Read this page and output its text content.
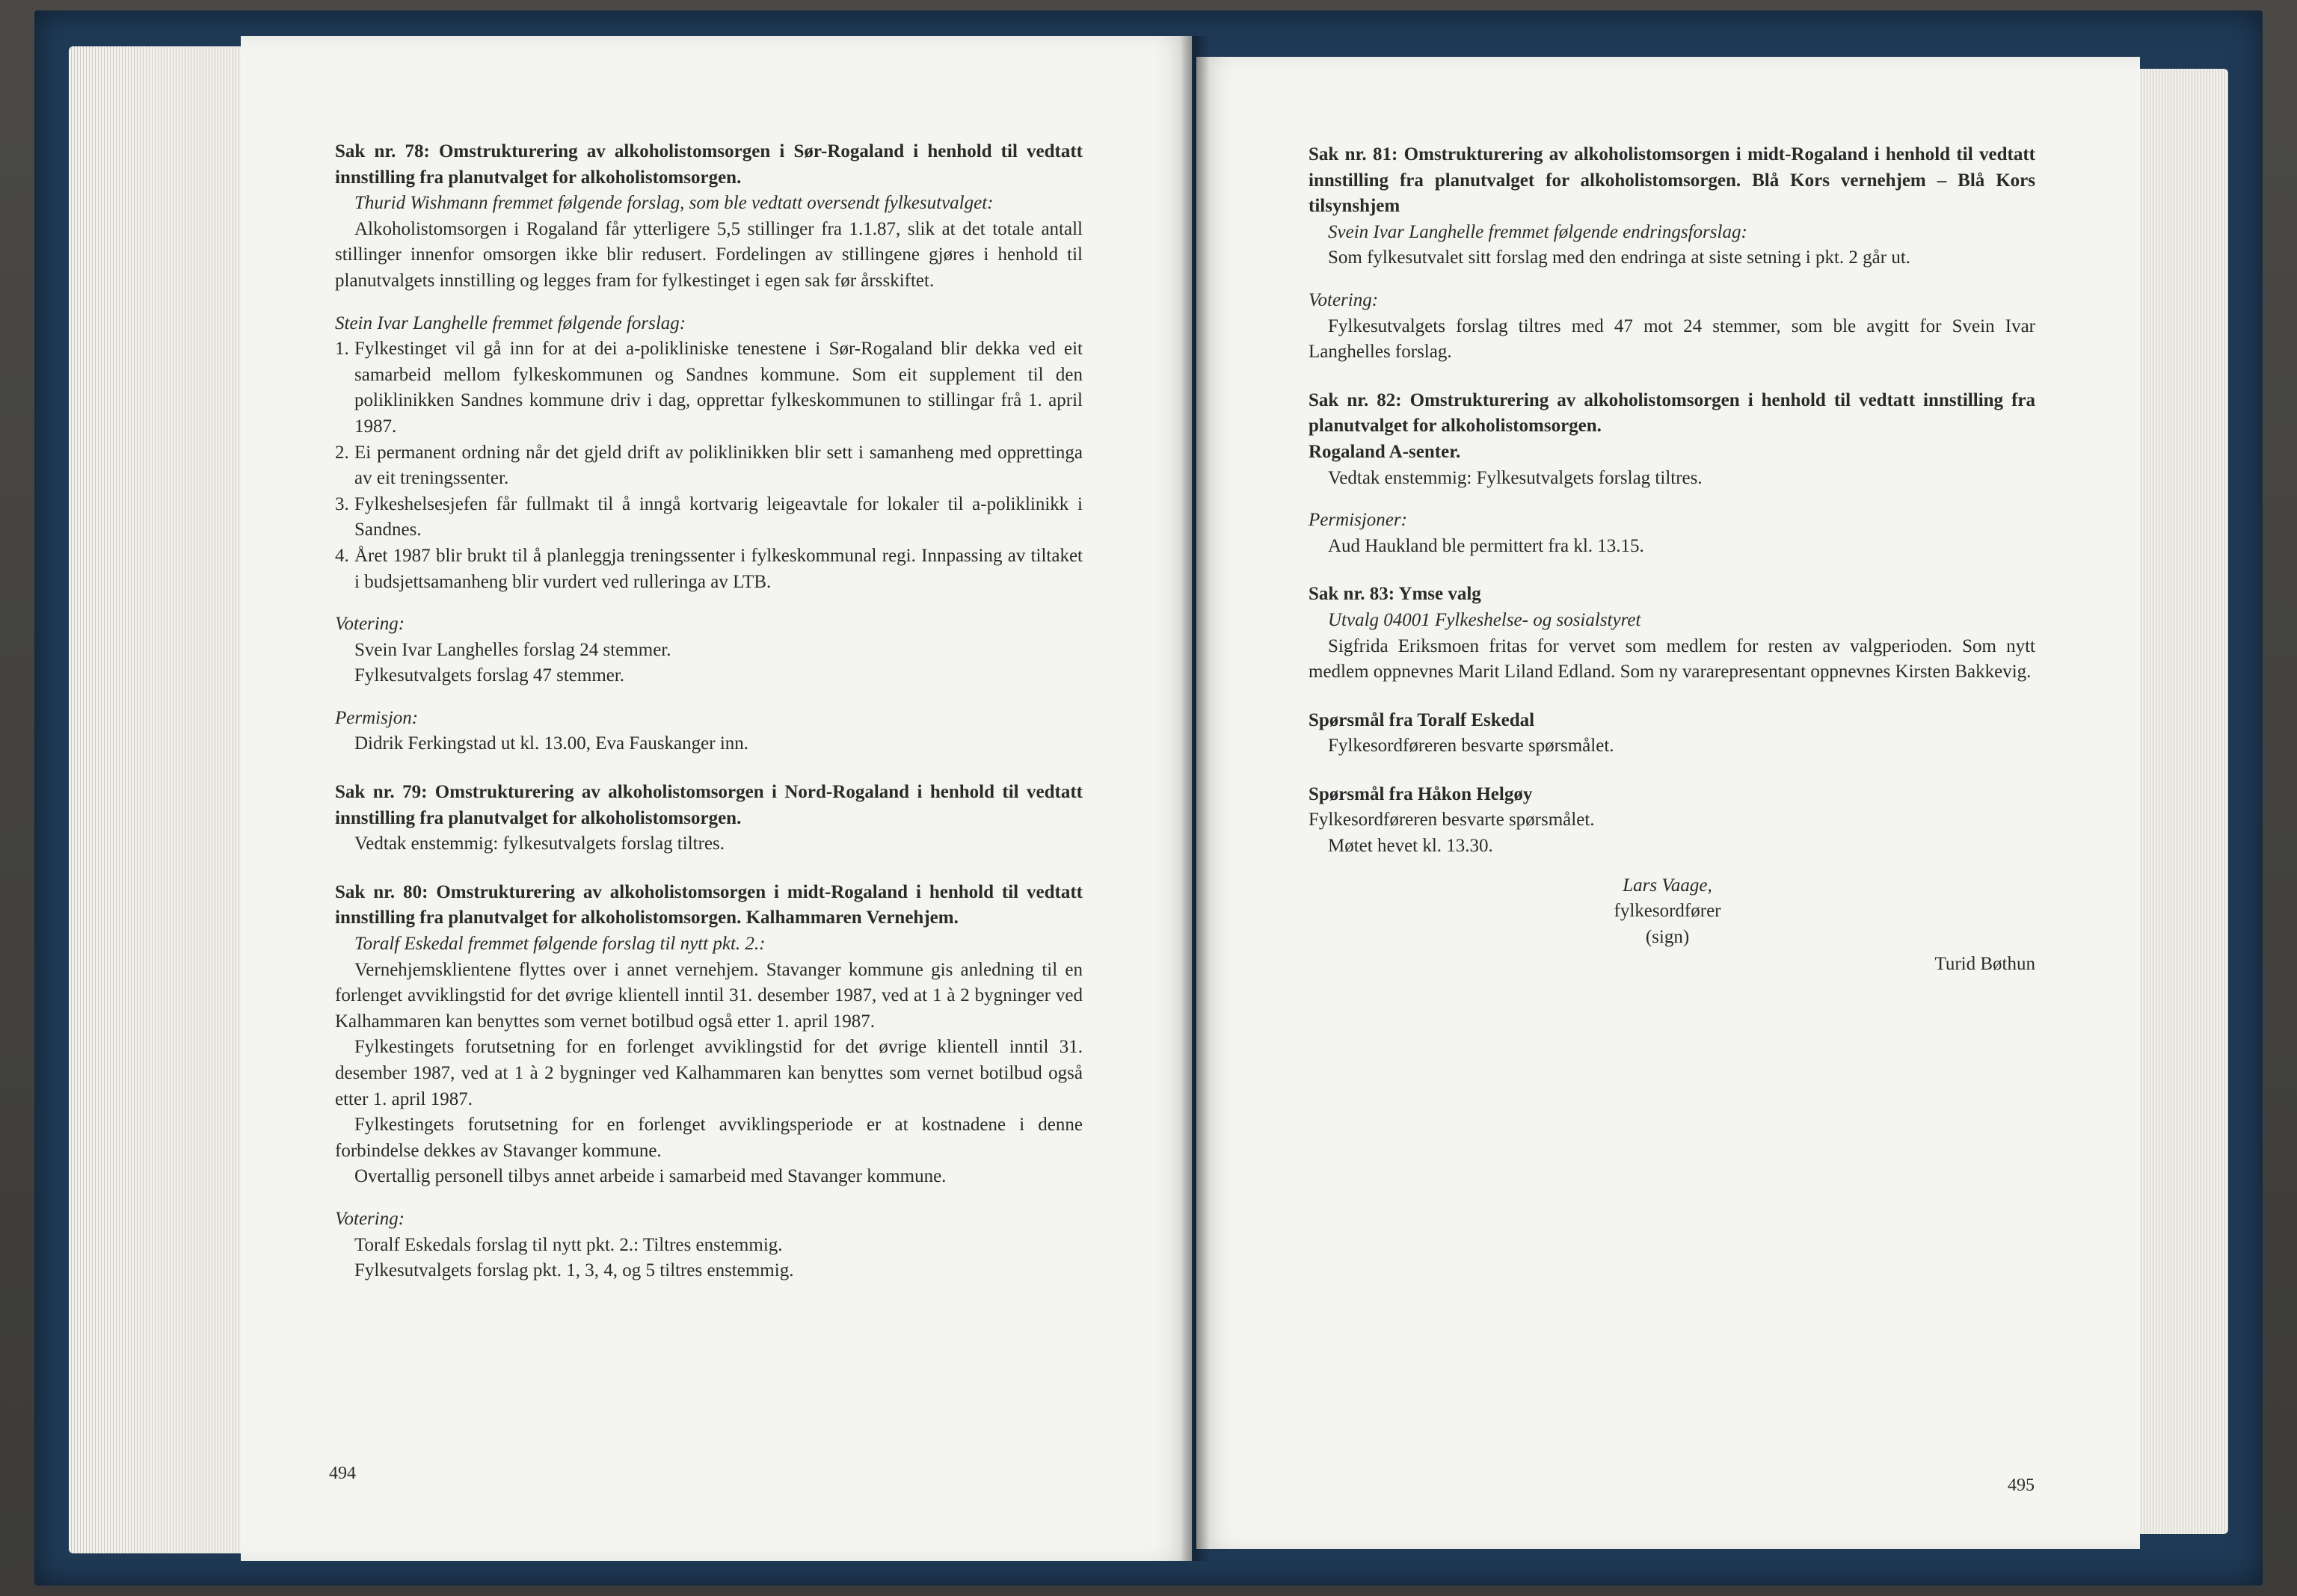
Sak nr. 78: Omstrukturering av alkoholistomsorgen i Sør-Rogaland i henhold til vedtatt innstilling fra planutvalget for alkoholistomsorgen.

Thurid Wishmann fremmet følgende forslag, som ble vedtatt oversendt fylkesutvalget:

Alkoholistomsorgen i Rogaland får ytterligere 5,5 stillinger fra 1.1.87, slik at det totale antall stillinger innenfor omsorgen ikke blir redusert. Fordelingen av stillingene gjøres i henhold til planutvalgets innstilling og legges fram for fylkestinget i egen sak før årsskiftet.

Stein Ivar Langhelle fremmet følgende forslag:

1. Fylkestinget vil gå inn for at dei a-polikliniske tenestene i Sør-Rogaland blir dekka ved eit samarbeid mellom fylkeskommunen og Sandnes kommune. Som eit supplement til den poliklinikken Sandnes kommune driv i dag, opprettar fylkeskommunen to stillingar frå 1. april 1987.
2. Ei permanent ordning når det gjeld drift av poliklinikken blir sett i samanheng med opprettinga av eit treningssenter.
3. Fylkeshelsesjefen får fullmakt til å inngå kortvarig leigeavtale for lokaler til a-poliklinikk i Sandnes.
4. Året 1987 blir brukt til å planleggja treningssenter i fylkeskommunal regi. Innpassing av tiltaket i budsjettsamanheng blir vurdert ved rulleringa av LTB.

Votering:

Svein Ivar Langhelles forslag 24 stemmer.

Fylkesutvalgets forslag 47 stemmer.

Permisjon:

Didrik Ferkingstad ut kl. 13.00, Eva Fauskanger inn.

Sak nr. 79: Omstrukturering av alkoholistomsorgen i Nord-Rogaland i henhold til vedtatt innstilling fra planutvalget for alkoholistomsorgen.

Vedtak enstemmig: fylkesutvalgets forslag tiltres.

Sak nr. 80: Omstrukturering av alkoholistomsorgen i midt-Rogaland i henhold til vedtatt innstilling fra planutvalget for alkoholistomsorgen. Kalhammaren Vernehjem.

Toralf Eskedal fremmet følgende forslag til nytt pkt. 2.:

Vernehjemsklientene flyttes over i annet vernehjem. Stavanger kommune gis anledning til en forlenget avviklingstid for det øvrige klientell inntil 31. desember 1987, ved at 1 à 2 bygninger ved Kalhammaren kan benyttes som vernet botilbud også etter 1. april 1987.

Fylkestingets forutsetning for en forlenget avviklingstid for det øvrige klientell inntil 31. desember 1987, ved at 1 à 2 bygninger ved Kalhammaren kan benyttes som vernet botilbud også etter 1. april 1987.

Fylkestingets forutsetning for en forlenget avviklingsperiode er at kostnadene i denne forbindelse dekkes av Stavanger kommune.

Overtallig personell tilbys annet arbeide i samarbeid med Stavanger kommune.

Votering:

Toralf Eskedals forslag til nytt pkt. 2.: Tiltres enstemmig.

Fylkesutvalgets forslag pkt. 1, 3, 4, og 5 tiltres enstemmig.

494

Sak nr. 81: Omstrukturering av alkoholistomsorgen i midt-Rogaland i henhold til vedtatt innstilling fra planutvalget for alkoholistomsorgen. Blå Kors vernehjem – Blå Kors tilsynshjem

Svein Ivar Langhelle fremmet følgende endringsforslag:

Som fylkesutvalet sitt forslag med den endringa at siste setning i pkt. 2 går ut.

Votering:

Fylkesutvalgets forslag tiltres med 47 mot 24 stemmer, som ble avgitt for Svein Ivar Langhelles forslag.

Sak nr. 82: Omstrukturering av alkoholistomsorgen i henhold til vedtatt innstilling fra planutvalget for alkoholistomsorgen.

Rogaland A-senter.

Vedtak enstemmig: Fylkesutvalgets forslag tiltres.

Permisjoner:

Aud Haukland ble permittert fra kl. 13.15.

Sak nr. 83: Ymse valg

Utvalg 04001 Fylkeshelse- og sosialstyret

Sigfrida Eriksmoen fritas for vervet som medlem for resten av valgperioden. Som nytt medlem oppnevnes Marit Liland Edland. Som ny vararepresentant oppnevnes Kirsten Bakkevig.

Spørsmål fra Toralf Eskedal

Fylkesordføreren besvarte spørsmålet.

Spørsmål fra Håkon Helgøy

Fylkesordføreren besvarte spørsmålet.

Møtet hevet kl. 13.30.

Lars Vaage,

fylkesordfører

(sign)

Turid Bøthun

495
